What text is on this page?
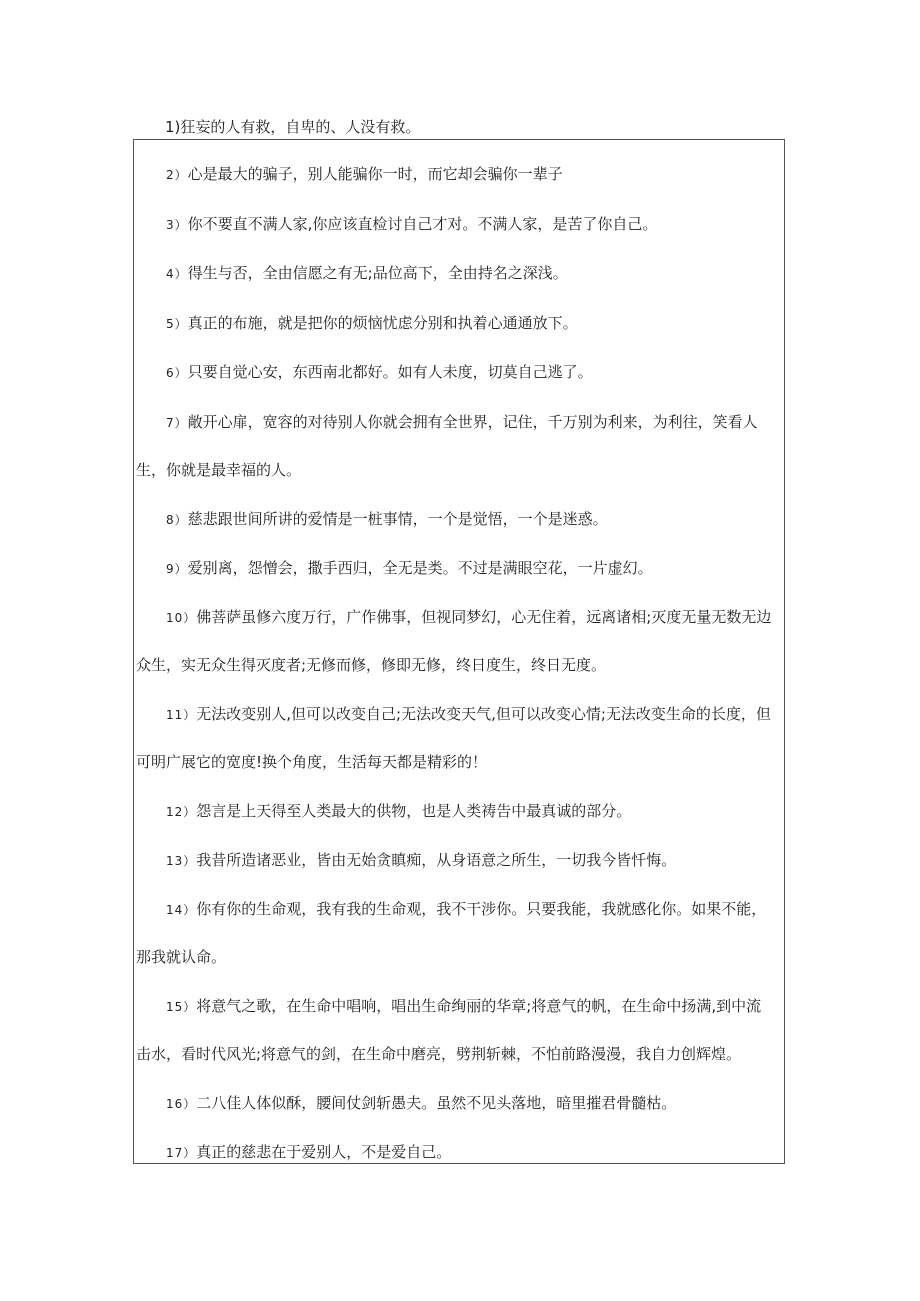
1)狂妄的人有救，自卑的、人没有救。
2）心是最大的骗子，别人能骗你一时，而它却会骗你一辈子
3）你不要直不满人家,你应该直检讨自己才对。不满人家，是苦了你自己。
4）得生与否，全由信愿之有无;品位高下，全由持名之深浅。
5）真正的布施，就是把你的烦恼忧虑分别和执着心通通放下。
6）只要自觉心安，东西南北都好。如有人未度，切莫自己逃了。
7）敞开心扉，宽容的对待别人你就会拥有全世界，记住，千万别为利来，为利往，笑看人
生，你就是最幸福的人。
8）慈悲跟世间所讲的爱情是一桩事情，一个是觉悟，一个是迷惑。
9）爱别离，怨憎会，撒手西归，全无是类。不过是满眼空花，一片虚幻。
10）佛菩萨虽修六度万行，广作佛事，但视同梦幻，心无住着，远离诸相;灭度无量无数无边
众生，实无众生得灭度者;无修而修，修即无修，终日度生，终日无度。
11）无法改变别人,但可以改变自己;无法改变天气,但可以改变心情;无法改变生命的长度，但
可明广展它的宽度!换个角度，生活每天都是精彩的！
12）怨言是上天得至人类最大的供物，也是人类祷告中最真诚的部分。
13）我昔所造诸恶业，皆由无始贪瞋痴，从身语意之所生，一切我今皆忏悔。
14）你有你的生命观，我有我的生命观，我不干涉你。只要我能，我就感化你。如果不能，
那我就认命。
15）将意气之歌，在生命中唱响，唱出生命绚丽的华章;将意气的帆，在生命中扬满,到中流
击水，看时代风光;将意气的剑，在生命中磨亮，劈荆斩棘，不怕前路漫漫，我自力创辉煌。
16）二八佳人体似酥，腰间仗剑斩愚夫。虽然不见头落地，暗里摧君骨髓枯。
17）真正的慈悲在于爱别人，不是爱自己。
